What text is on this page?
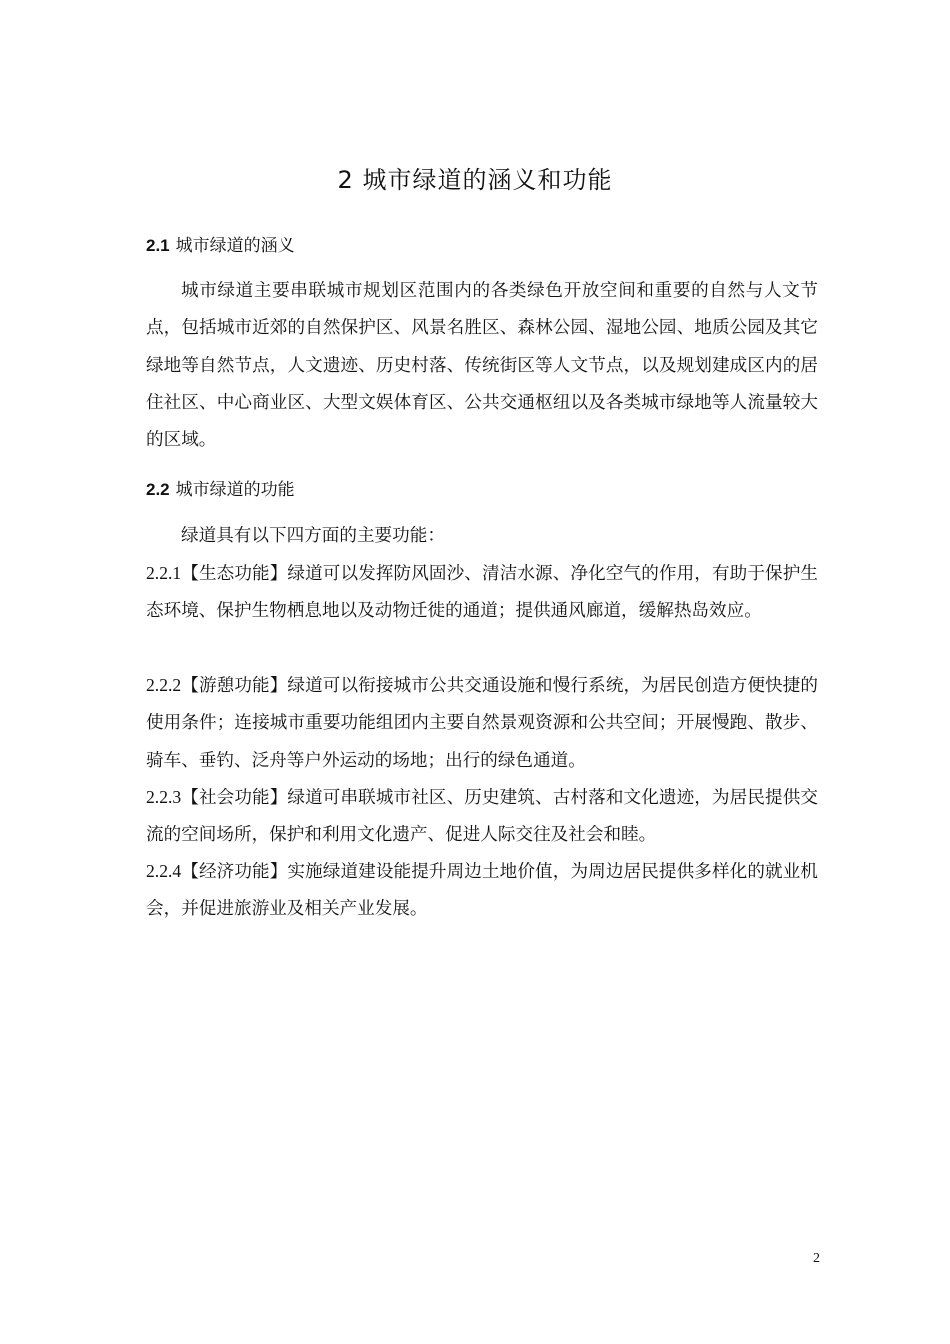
2 城市绿道的涵义和功能
2.1 城市绿道的涵义

城市绿道主要串联城市规划区范围内的各类绿色开放空间和重要的自然与人文节点，包括城市近郊的自然保护区、风景名胜区、森林公园、湿地公园、地质公园及其它绿地等自然节点，人文遗迹、历史村落、传统街区等人文节点，以及规划建成区内的居住社区、中心商业区、大型文娱体育区、公共交通枢纽以及各类城市绿地等人流量较大的区域。

2.2 城市绿道的功能

绿道具有以下四方面的主要功能：

2.2.1【生态功能】绿道可以发挥防风固沙、清洁水源、净化空气的作用，有助于保护生态环境、保护生物栖息地以及动物迁徙的通道；提供通风廊道，缓解热岛效应。

2.2.2【游憩功能】绿道可以衔接城市公共交通设施和慢行系统，为居民创造方便快捷的使用条件；连接城市重要功能组团内主要自然景观资源和公共空间；开展慢跑、散步、骑车、垂钓、泛舟等户外运动的场地；出行的绿色通道。

2.2.3【社会功能】绿道可串联城市社区、历史建筑、古村落和文化遗迹，为居民提供交流的空间场所，保护和利用文化遗产、促进人际交往及社会和睦。

2.2.4【经济功能】实施绿道建设能提升周边土地价值，为周边居民提供多样化的就业机会，并促进旅游业及相关产业发展。

2
